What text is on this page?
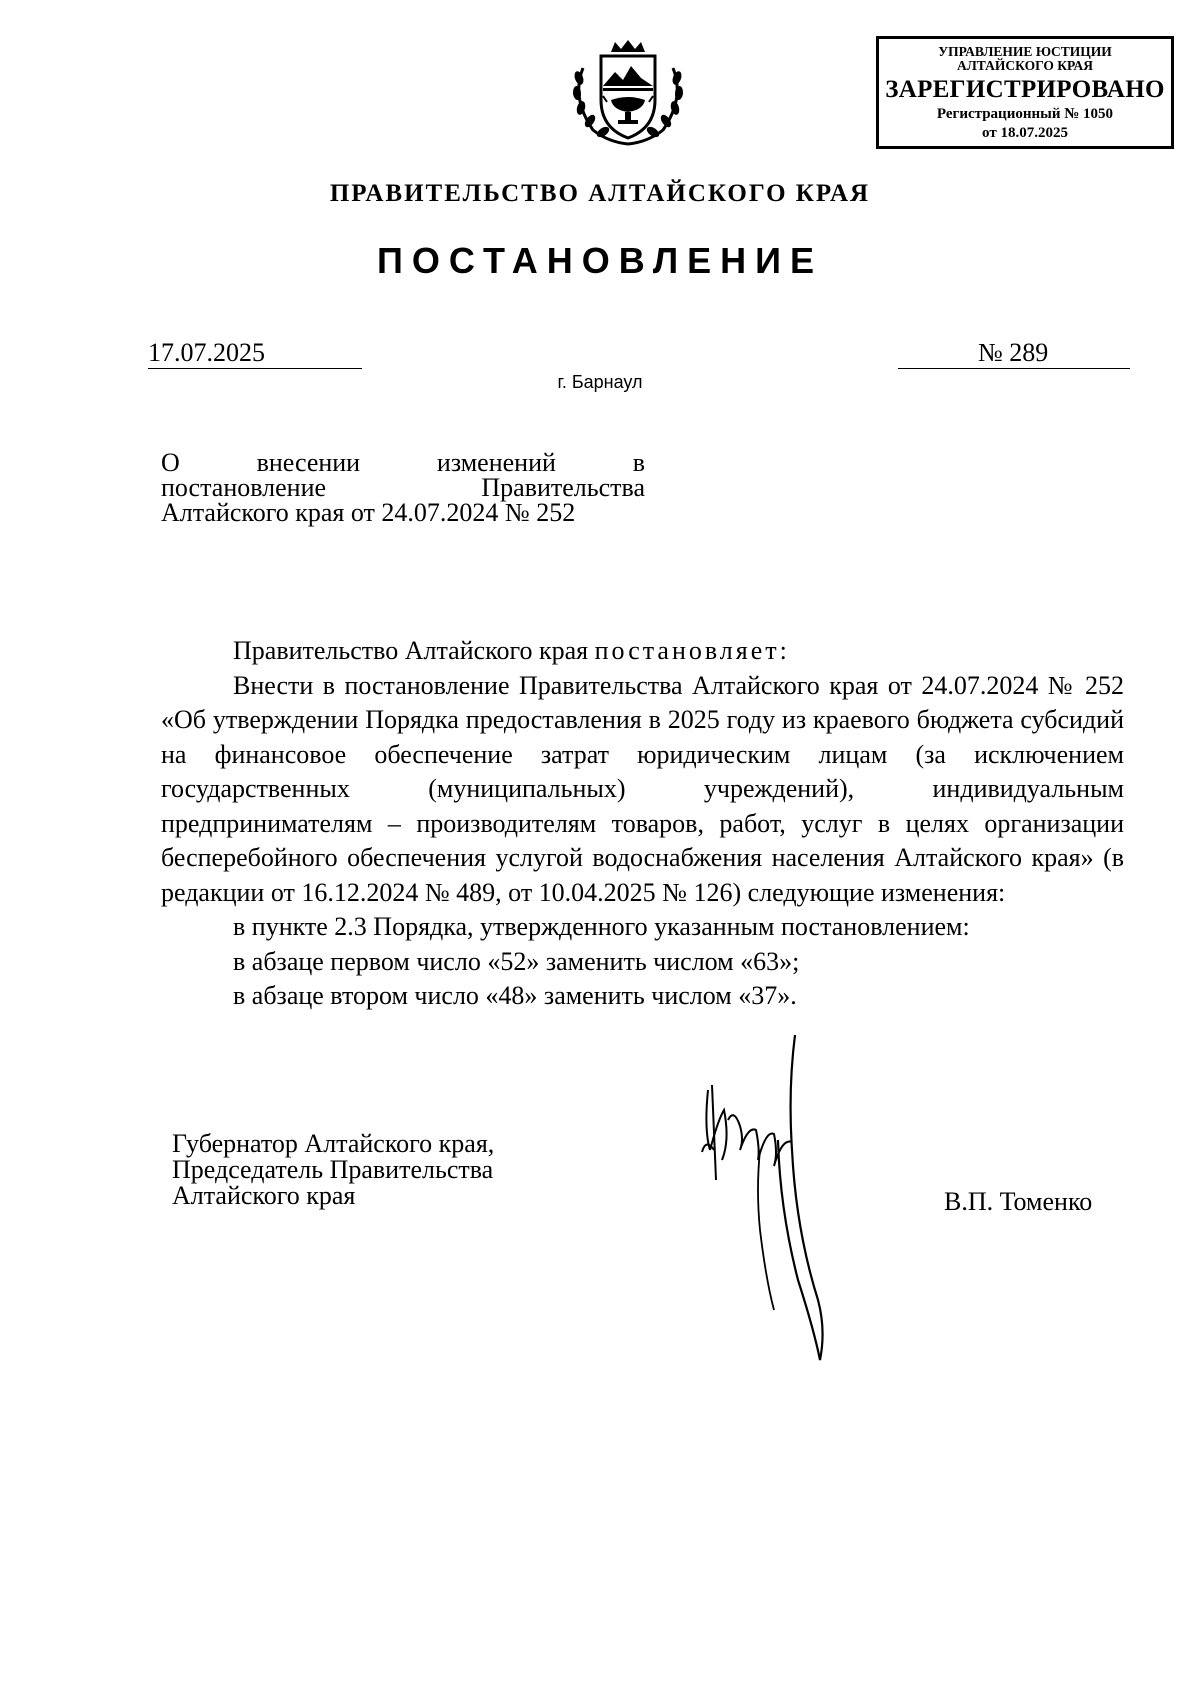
УПРАВЛЕНИЕ ЮСТИЦИИ
АЛТАЙСКОГО КРАЯ
ЗАРЕГИСТРИРОВАНО
Регистрационный № 1050
от 18.07.2025
ПРАВИТЕЛЬСТВО АЛТАЙСКОГО КРАЯ
ПОСТАНОВЛЕНИЕ
17.07.2025	№ 289
г. Барнаул
О внесении изменений в
постановление Правительства
Алтайского края от 24.07.2024 № 252

Правительство Алтайского края постановляет:

Внести в постановление Правительства Алтайского края от 24.07.2024 № 252 «Об утверждении Порядка предоставления в 2025 году из краевого бюджета субсидий на финансовое обеспечение затрат юридическим лицам (за исключением государственных (муниципальных) учреждений), индивидуальным предпринимателям – производителям товаров, работ, услуг в целях организации бесперебойного обеспечения услугой водоснабжения населения Алтайского края» (в редакции от 16.12.2024 № 489, от 10.04.2025 № 126) следующие изменения:

в пункте 2.3 Порядка, утвержденного указанным постановлением:

в абзаце первом число «52» заменить числом «63»;

в абзаце втором число «48» заменить числом «37».

Губернатор Алтайского края,
Председатель Правительства
Алтайского края	В.П. Томенко
